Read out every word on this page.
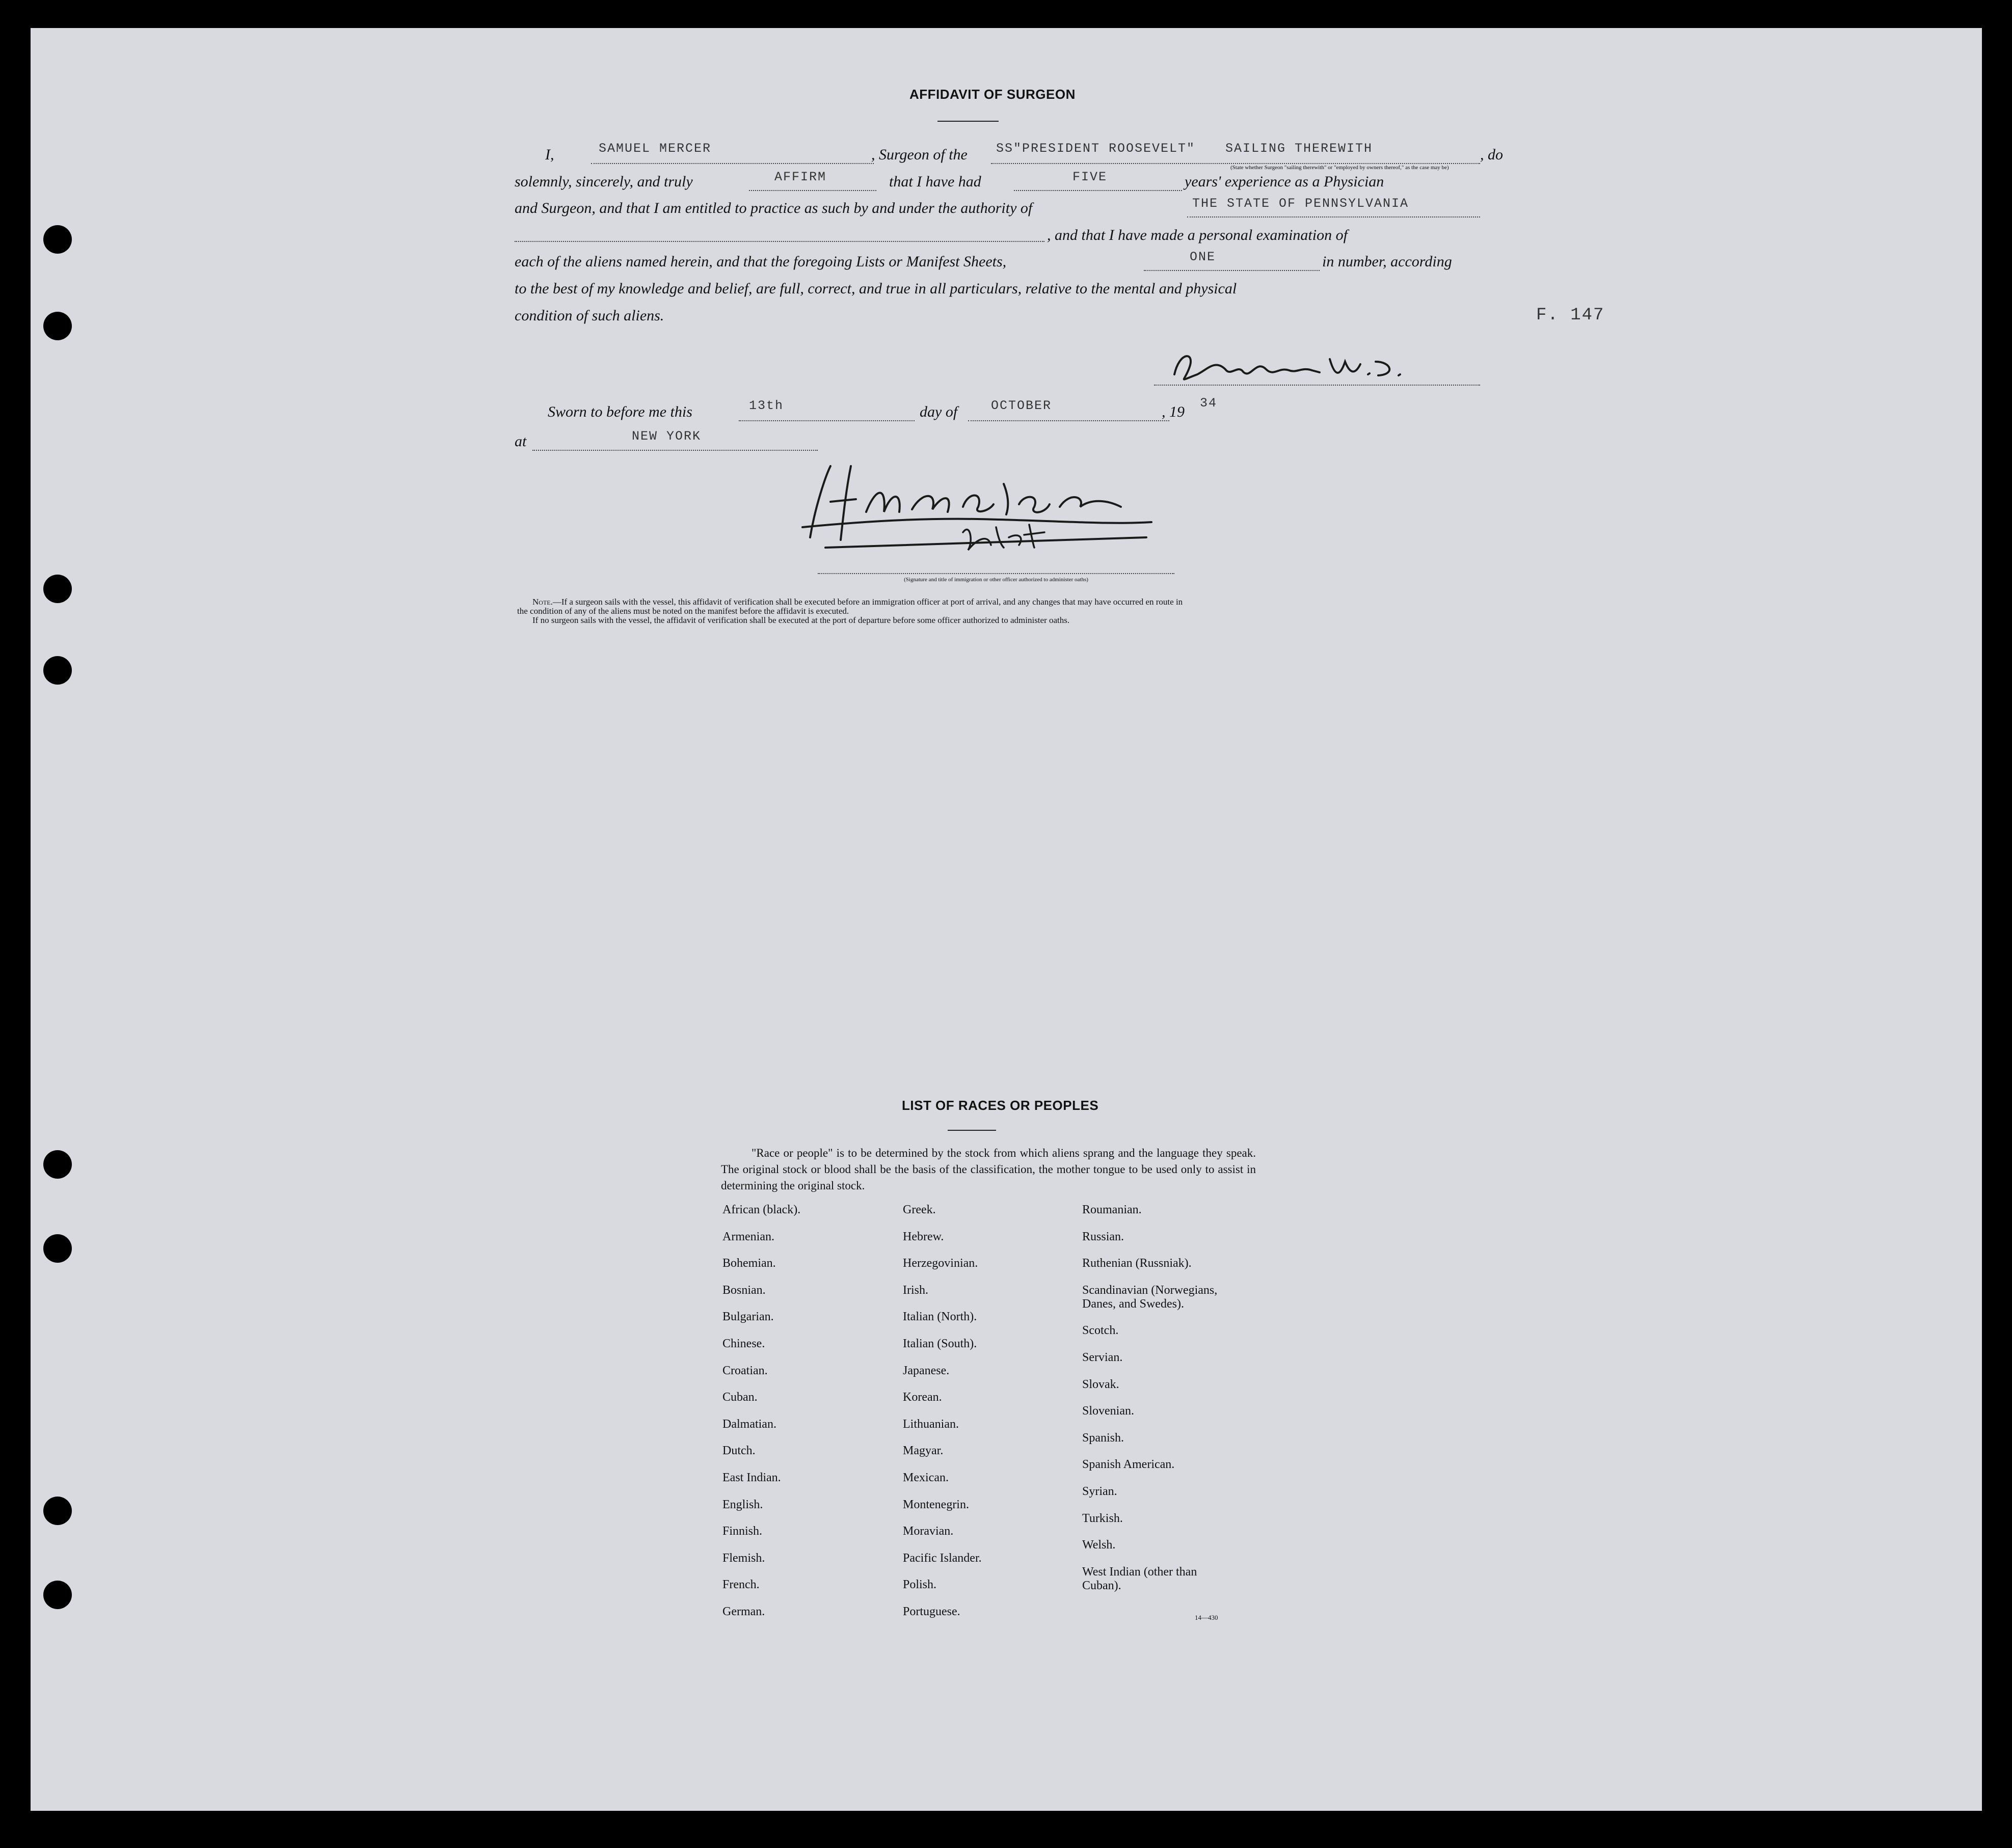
AFFIDAVIT OF SURGEON
I,	SAMUEL MERCER	, Surgeon of the SS"PRESIDENT ROOSEVELT" SAILING THEREWITH	, do
(State whether Surgeon "sailing therewith" or "employed by owners thereof," as the case may be)
solemnly, sincerely, and truly	AFFIRM	that I have had	FIVE	years' experience as a Physician
and Surgeon, and that I am entitled to practice as such by and under the authority of	THE STATE OF PENNSYLVANIA
, and that I have made a personal examination of
each of the aliens named herein, and that the foregoing Lists or Manifest Sheets,	ONE	in number, according
to the best of my knowledge and belief, are full, correct, and true in all particulars, relative to the mental and physical
condition of such aliens.	F. 147
Sworn to before me this	13th	day of	OCTOBER	, 19
34
at	NEW YORK
(Signature and title of immigration or other officer authorized to administer oaths)
Note.—If a surgeon sails with the vessel, this affidavit of verification shall be executed before an immigration officer at port of arrival, and any changes that may have occurred en route in
the condition of any of the aliens must be noted on the manifest before the affidavit is executed.
If no surgeon sails with the vessel, the affidavit of verification shall be executed at the port of departure before some officer authorized to administer oaths.
LIST OF RACES OR PEOPLES
"Race or people" is to be determined by the stock from which aliens sprang and the language they speak. The original stock or blood shall be the basis of the classification, the mother tongue to be used only to assist in determining the original stock.
African (black).
Armenian.
Bohemian.
Bosnian.
Bulgarian.
Chinese.
Croatian.
Cuban.
Dalmatian.
Dutch.
East Indian.
English.
Finnish.
Flemish.
French.
German.
Greek.
Hebrew.
Herzegovinian.
Irish.
Italian (North).
Italian (South).
Japanese.
Korean.
Lithuanian.
Magyar.
Mexican.
Montenegrin.
Moravian.
Pacific Islander.
Polish.
Portuguese.
Roumanian.
Russian.
Ruthenian (Russniak).
Scandinavian (Norwegians,
Danes, and Swedes).
Scotch.
Servian.
Slovak.
Slovenian.
Spanish.
Spanish American.
Syrian.
Turkish.
Welsh.
West Indian (other than
Cuban).
14—430
